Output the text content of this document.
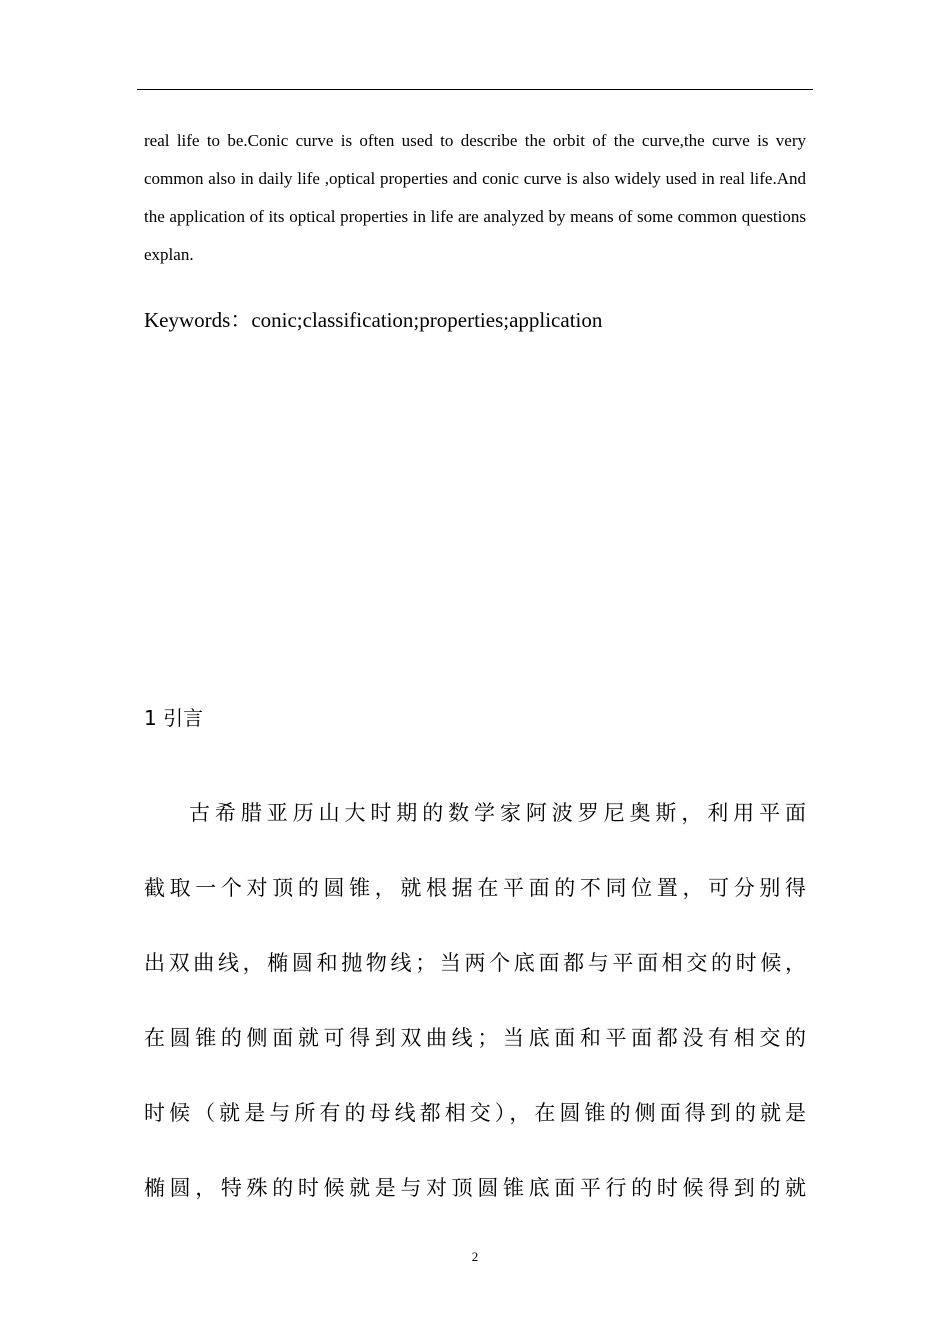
real life to be.Conic curve is often used to describe the orbit of the curve,the curve is very common also in daily life ,optical properties and conic curve is also widely used in real life.And the application of its optical properties in life are analyzed by means of some common questions explan.

Keywords：conic;classification;properties;application

1 引言
古希腊亚历山大时期的数学家阿波罗尼奥斯，利用平面
截取一个对顶的圆锥，就根据在平面的不同位置，可分别得
出双曲线，椭圆和抛物线；当两个底面都与平面相交的时候，
在圆锥的侧面就可得到双曲线；当底面和平面都没有相交的
时候（就是与所有的母线都相交），在圆锥的侧面得到的就是
椭圆，特殊的时候就是与对顶圆锥底面平行的时候得到的就

2
